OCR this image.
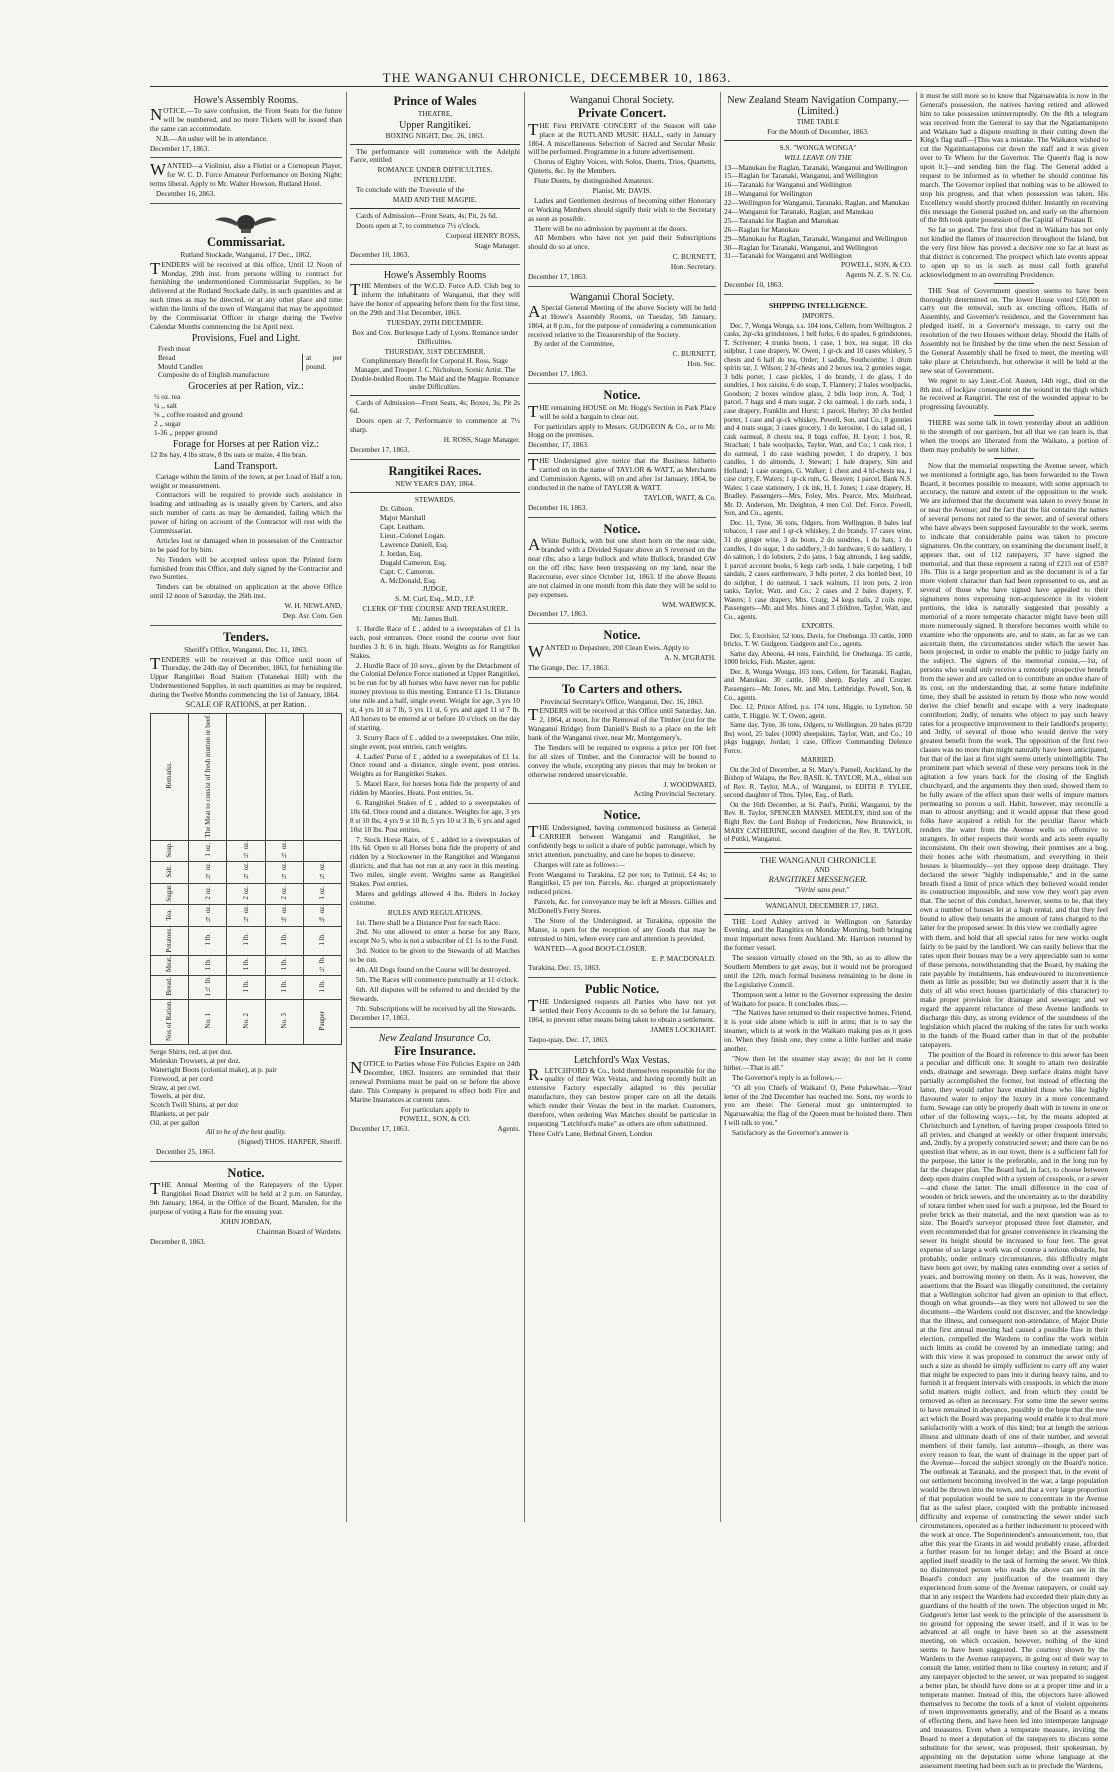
THE WANGANUI CHRONICLE, DECEMBER 10, 1863.
Howe's Assembly Rooms.

NOTICE.—To save confusion, the Front Seats for the future will be numbered, and no more Tickets will be issued than the same can accommodate.

N.B.—An usher will be in attendance.

December 17, 1863.

WANTED—a Violinist, also a Flutist or a Cornopean Player, for W. C. D. Force Amateur Performance on Boxing Night; terms liberal. Apply to Mr. Walter Howson, Rutland Hotel.

December 16, 2863.

Commissariat.

Rutland Stockade, Wanganui, 17 Dec., 1862.

TENDERS will be received at this office, Until 12 Noon of Monday, 29th inst. from persons willing to contract for furnishing the undermentioned Commissariat Supplies, to be delivered at the Rutland Stockade daily, in such quantities and at such times as may be directed, or at any other place and time within the limits of the town of Wanganui that may be appointed by the Commissariat Officer in charge during the Twelve Calendar Months commencing the 1st April next.

Provisions, Fuel and Light.
Fresh meat
Bread
Mould Candles
Composite do of English manufacture
at per pound.
Groceries at per Ration, viz.:
½ oz. tea
¼ ,, salt
⅛ ,, coffee roasted and ground
2 ,, sugar
1-36 ,, pepper ground
Forage for Horses at per Ration viz.:

12 lbs hay, 4 lbs straw, 8 lbs oats or maize, 4 lbs bran.

Land Transport.

Cartage within the limits of the town, at per Load of Half a ton, weight or measurement.

Contractors will be required to provide such assistance in loading and unloading as is usually given by Carters, and also such number of carts as may be demanded, failing which the power of hiring on account of the Contractor will rest with the Commissariat.

Articles lost or damaged when in possession of the Contractor to be paid for by him.

No Tenders will be accepted unless upon the Printed form furnished from this Office, and duly signed by the Contractor and two Sureties.

Tenders can be obtained on application at the above Office until 12 noon of Saturday, the 26th inst.

W. H. NEWLAND,

Dep. Asr. Com. Gen

Tenders.

Sheriff's Office, Wanganui, Dec. 11, 1863.

TENDERS will be received at this Office until noon of Thursday, the 24th day of December, 1863, for furnishing the Upper Rangitikei Road Station (Tutanekai Hill) with the Undermentioned Supplies, in such quantities as may be required, during the Twelve Months commencing the 1st of January, 1864.

SCALE OF RATIONS, at per Ration.
Remarks.	The Meat to consist of fresh mutton or beef.			
Soap.	1 oz.	½ oz.	½ oz.	
Salt.	¼ oz.	¼ oz.	¼ oz.	¼ oz.
Sugar.	2 oz.	2 oz.	2 oz.	1 oz.
Tea.	¼ oz.	¼ oz.	⅛ oz.	⅛ oz.
Potatoes.	1 lb.	1 lb.	1 lb.	1 lb.
Meat.	1 lb.	1 lb.	1 lb.	½ lb.
Bread.	1½ lb.	1 lb.	1 lb.	1 lb.
Nos of Ration.	No. 1	No. 2	No. 3	Pauper
Serge Shirts, red, at per doz.
Moleskin Trowsers, at per doz.
Watertight Boots (colonial make), at p. pair
Firewood, at per cord
Straw, at per cwt.
Towels, at per doz.
Scotch Twill Shirts, at per doz
Blankets, at per pair
Oil, at per gallon

All to be of the best quality.

(Signed) THOS. HARPER, Sheriff.

December 25, 1863.

Notice.

THE Annual Meeting of the Ratepayers of the Upper Rangitikei Road District will be held at 2 p.m. on Saturday, 9th January, 1864, in the Office of the Board, Marsden, for the purpose of voting a Rate for the ensuing year.

JOHN JORDAN,

Chairman Board of Wardens.

December 8, 1863.

Prince of Wales
THEATRE,
Upper Rangitikei.

BOXING NIGHT, Dec. 26, 1863.

The performance will commence with the Adelphi Farce, entitled

ROMANCE UNDER DIFFICULTIES.

INTERLUDE.

To conclude with the Travestie of the

MAID AND THE MAGPIE.

Cards of Admission—Front Seats, 4s; Pit, 2s 6d.

Doors open at 7, to commence 7½ o'clock.

Corporal HENRY ROSS,

Stage Manager.

December 10, 1863.

Howe's Assembly Rooms

THE Members of the W.C.D. Force A.D. Club beg to inform the inhabitants of Wanganui, that they will have the honor of appearing before them for the first time, on the 29th and 31st December, 1863.

TUESDAY, 29TH DECEMBER.

Box and Cox. Burlesque Lady of Lyons. Romance under Difficulties.

THURSDAY, 31ST DECEMBER.

Complimentary Benefit for Corporal H. Ross, Stage Manager, and Trooper J. C. Nicholson, Scenic Artist. The Double-bedded Room. The Maid and the Magpie. Romance under Difficulties.

Cards of Admission—Front Seats, 4s; Boxes, 3s; Pit 2s 6d.

Doors open at 7, Performance to commence at 7½ sharp.

H. ROSS, Stage Manager.

December 17, 1863.

Rangitikei Races.

NEW YEAR'S DAY, 1864.

STEWARDS.

Dr. Gibson.
Major Marshall
Capt. Leatham.
Lieut.-Colonel Logan.
Lawrence Daniell, Esq.
J. Jordan, Esq.
Dugald Cameron, Esq.
Capt. C. Cameron.
A. McDonald, Esq.

JUDGE.

S. M. Curl, Esq., M.D., J.P.

CLERK OF THE COURSE AND TREASURER.

Mr. James Bull.

1. Hurdle Race of £ , added to a sweepstakes of £1 1s each, post entrances. Once round the course over four hurdles 3 ft. 6 in. high. Heats. Weights as for Rangitikei Stakes.

2. Hurdle Race of 10 sovs., given by the Detachment of the Colonial Defence Force stationed at Upper Rangitikei, to be run for by all horses who have never run for public money previous to this meeting. Entrance £1 1s. Distance one mile and a half, single event. Weight for age, 3 yrs 10 st, 4 yrs 10 st 7 lb, 5 yrs 11 st, 6 yrs and aged 11 st 7 lb. All horses to be entered at or before 10 o'clock on the day of starting.

3. Scurry Race of £ , added to a sweepstakes. One mile, single event, post entries, catch weights.

4. Ladies' Purse of £ , added to a sweepstakes of £1 1s. Once round and a distance, single event, post entries. Weights as for Rangitikei Stakes.

5. Maori Race, for horses bona fide the property of and ridden by Maories. Heats. Post entries, 5s.

6. Rangitikei Stakes of £ , added to a sweepstakes of 10s 6d. Once round and a distance. Weights for age, 3 yrs 8 st 10 lbs, 4 yrs 9 st 10 lb, 5 yrs 10 st 3 lb, 6 yrs and aged 10st 10 lbs. Post entries.

7. Stock Horse Race, of £ , added to a sweepstakes of 10s 6d. Open to all Horses bona fide the property of and ridden by a Stockowner in the Rangitikei and Wanganui districts, and that has not run at any race in this meeting. Two miles, single event. Weights same as Rangitikei Stakes. Post entries.

Mares and geldings allowed 4 lbs. Riders in Jockey costume.

RULES AND REGULATIONS.

1st. There shall be a Distance Post for each Race.

2nd. No one allowed to enter a horse for any Race, except No 5, who is not a subscriber of £1 1s to the Fund.

3rd. Notice to be given to the Stewards of all Matches to be run.

4th. All Dogs found on the Course will be destroyed.

5th. The Races will commence punctually at 11 o'clock.

6th. All disputes will be referred to and decided by the Stewards.

7th. Subscriptions will be received by all the Stewards.

December 17, 1863.

New Zealand Insurance Co.
Fire Insurance.

NOTICE to Parties whose Fire Policies Expire on 24th December, 1863. Insurers are reminded that their renewal Premiums must be paid on or before the above date. This Company is prepared to effect both Fire and Marine Insurances at current rates.

For particulars apply to

POWELL, SON, & CO.

December 17, 1863.	Agents.
Wanganui Choral Society.
Private Concert.

THE First PRIVATE CONCERT of the Season will take place at the RUTLAND MUSIC HALL, early in January 1864. A miscellaneous Selection of Sacred and Secular Music will be performed. Programme in a future advertisement.

Chorus of Eighty Voices, with Solos, Duetts, Trios, Quartetts, Qintetts, &c. by the Members.

Flute Duetts, by distinguished Amateurs.

Pianist, Mr. DAVIS.

Ladies and Gentlemen desirous of becoming either Honorary or Working Members should signify their wish to the Secretary as soon as possible.

There will be no admission by payment at the doors.

All Members who have not yet paid their Subscriptions should do so at once.

C. BURNETT,

Hon. Secretary.

December 17, 1863.

Wanganui Choral Society.

ASpecial General Meeting of the above Society will be held at Howe's Assembly Rooms, on Tuesday, 5th January, 1864, at 8 p.m., for the purpose of considering a communication received relative to the Treasurership of the Society.

By order of the Committee,

C. BURNETT,

Hon. Sec.

December 17, 1863.

Notice.

THE remaining HOUSE on Mr. Hogg's Section in Park Place will be sold a bargain to clear out.

For particulars apply to Messrs. GUDGEON & Co., or to Mr. Hogg on the premises.

December, 17, 1863.

THE Undersigned give notice that the Business hitherto carried on in the name of TAYLOR & WATT, as Merchants and Commission Agents, will on and after 1st January, 1864, be conducted in the name of TAYLOR & WATT.

TAYLOR, WATT, & Co.

December 16, 1863.

Notice.

AWhite Bullock, with but one short horn on the near side, branded with a Divided Square above an S reversed on the near ribs; also a large bullock and white Bullock, branded GW on the off ribs; have been trespassing on my land, near the Racecourse, ever since October 1st, 1863. If the above Beasts are not claimed in one month from this date they will be sold to pay expenses.

WM. WARWICK.

December 17, 1863.

Notice.

WANTED to Depasture, 200 Clean Ewes. Apply to

A. N. M'GRATH.

The Grange, Dec. 17, 1863.

To Carters and others.

Provincial Secretary's Office, Wanganui, Dec. 16, 1863.

TENDERS will be received at this Office until Saturday, Jan. 2, 1864, at noon, for the Removal of the Timber (cut for the Wanganui Bridge) from Daniell's Bush to a place on the left bank of the Wanganui river, near Mr. Montgomery's.

The Tenders will be required to express a price per 100 feet for all sizes of Timber, and the Contractor will be bound to convey the whole, excepting any pieces that may be broken or otherwise rendered unserviceable.

J. WOODWARD,

Acting Provincial Secretary.

Notice.

THE Undersigned, having commenced business as General CARRIER between Wanganui and Rangitikei, he confidently begs to solicit a share of public patronage, which by strict attention, punctuality, and care he hopes to deserve.

Charges will rate as follows:—

From Wanganui to Turakina, £2 per ton; to Tutinui, £4 4s; to Rangitikei, £5 per ton. Parcels, &c. charged at proportionately reduced prices.

Parcels, &c. for conveyance may be left at Messrs. Gillies and McDonell's Ferry Stores.

The Store of the Undersigned, at Turakina, opposite the Manse, is open for the reception of any Goods that may be entrusted to him, where every care and attention is provided.

WANTED—A good BOOT-CLOSER.

E. P. MACDONALD.

Turakina, Dec. 15, 1863.

Public Notice.

THE Undersigned requests all Parties who have not yet settled their Ferry Accounts to do so before the 1st January, 1864, to prevent other means being taken to obtain a settlement.

JAMES LOCKHART.

Taupo-quay, Dec. 17, 1863.

Letchford's Wax Vestas.

R.LETCHFORD & Co., hold themselves responsible for the quality of their Wax Vestas, and having recently built an extensive Factory especially adapted to this peculiar manufacture, they can bestow proper care on all the details which render their Vestas the best in the market. Customers, therefore, when ordering Wax Matches should be particular in requesting "Letchford's make" as others are often substituted.

Three Colt's Lane, Bethnal Green, London

New Zealand Steam Navigation Company.—(Limited.)

TIME TABLE

For the Month of December, 1863.

S.S. "WONGA WONGA"

WILL LEAVE ON THE

13—Manukau for Raglan, Taranaki, Wanganui and Wellington
15—Raglan for Taranaki, Wanganui, and Wellington
16—Taranaki for Wanganui and Wellington
18—Wanganui for Wellington
22—Wellington for Wanganui, Taranaki, Raglan, and Manukau
24—Wanganui for Taranaki, Raglan, and Manukau
25—Taranaki for Raglan and Manukau
26—Raglan for Manukau
29—Manukau for Raglan, Taranaki, Wanganui and Wellington
30—Raglan for Taranaki, Wanganui, and Wellington
31—Taranaki for Wanganui and Wellington

POWELL, SON, & CO.

Agents N. Z. S. N. Co.

December 10, 1863.

SHIPPING INTELLIGENCE.

IMPORTS.

Dec. 7, Wonga Wonga, s.s. 104 tons, Cellem, from Wellington. 2 casks, 2qr-cks grindstones, 1 bell forks, 6 do spades, 6 grindstones, T. Scrivener; 4 trunks boots, 1 case, 1 box, tea sugar, 10 cks sulphur, 1 case drapery, W. Owen; 1 qr-ck and 10 cases whiskey, 5 chests and 6 half do tea, Order; 1 saddle, Southcombe; 1 drum spirits tar, J. Wilson; 2 hf-chests and 2 boxes tea, 2 gunnies sugar, 3 bdls porter, 1 case pickles, 1 do brandy, 1 do glass, 1 do sundries, 1 box raisins, 6 do soap, T. Flannery; 2 bales woolpacks, Goodson; 2 boxes window glass, 2 bdls loop iron, A. Tod; 1 parcel, 7 bags and 4 mats sugar, 2 cks oatmeal, 1 do carb. soda, 1 case drapery, Franklin and Hurst; 1 parcel, Hurley; 30 cks bottled porter, 1 case and qr-ck whiskey, Powell, Son, and Co.; 8 gunnies and 4 mats sugar, 3 cases grocery, 1 do kerosine, 1 do salad oil, 1 cask oatmeal, 8 chests tea, 8 bags coffee, H. Lyon; 1 box, R. Strachan; 1 bale woolpacks, Taylor, Watt, and Co.; 1 cask rice, 1 do oatmeal, 1 do case washing powder, 1 do drapery, 1 box candles, 1 do almonds, J. Stewart; 1 bale drapery, Sim and Holland; 1 case oranges, G. Walker; 1 chest and 4 hf-chests tea, 1 case curry, F. Waters; 1 qr-ck rum, G. Beaven; 1 parcel, Bank N.S. Wales; 1 case stationery, 1 ck ink, H. I. Jones; 1 case drapery, H. Bradley. Passengers—Mrs. Foley, Mrs. Pearce, Mrs. Muirhead, Mr. D. Anderson, Mr. Deighton, 4 men Col. Def. Force. Powell, Son, and Co., agents.

Dec. 11, Tyne, 36 tons, Odgers, from Wellington. 8 bales leaf tobacco, 1 case and 1 qr-ck whiskey, 2 do brandy, 17 cases wine, 31 do ginger wine, 3 do boots, 2 do sundries, 1 do hats, 1 do candles, 1 do sugar, 1 do saddlery, 3 do hardware, 6 do saddlery, 1 do salmon, 1 do lobsters, 2 do jams, 1 bag almonds, 1 keg saddle, 1 parcel account books, 6 kegs carb soda, 1 bale carpeting, 1 bdl sandals, 2 cases earthenware, 3 bdls porter, 2 cks bottled beer, 10 do sulphur, 1 do oatmeal, 1 sack walnuts, 11 iron pots, 2 iron tanks, Taylor, Watt, and Co.; 2 cases and 2 bales drapery, F. Waters; 1 case drapery, Mrs. Craig; 24 kegs nails, 2 coils rope, Passengers—Mr. and Mrs. Jones and 3 children, Taylor, Watt, and Co., agents.

EXPORTS.

Dec. 5, Excelsior, 52 tons, Davis, for Onehunga. 33 cattle, 1000 bricks, T. W. Gudgeon. Gudgeon and Co., agents.

Same day, Abeona, 44 tons, Fairchild, for Onehunga. 35 cattle, 1000 bricks, Fish. Master, agent.

Dec. 8, Wonga Wonga, 103 tons, Cellem, for Taranaki, Raglan, and Manukau. 30 cattle, 180 sheep, Bayley and Crozier. Passengers—Mr. Jones, Mr. and Mrs. Lethbridge. Powell, Son, & Co., agents.

Dec. 12, Prince Alfred, p.s. 174 tons, Higgie, to Lyttelton. 50 cattle, T. Higgie. W. T. Owen, agent.

Same day, Tyne, 36 tons, Odgers, to Wellington. 20 bales (6720 lbs) wool, 25 bales (1000) sheepskins, Taylor, Watt, and Co.; 10 pkgs luggage, Jordan; 1 case, Officer Commanding Defence Force.

MARRIED.

On the 3rd of December, at St. Mary's, Parnell, Auckland, by the Bishop of Waiapu, the Rev. BASIL K. TAYLOR, M.A., eldest son of Rev. R. Taylor, M.A., of Wanganui, to EDITH P. TYLEE, second daughter of Thos. Tylee, Esq., of Bath.

On the 16th December, at St. Paul's, Putiki, Wanganui, by the Rev. R. Taylor, SPENCER MANSEL MEDLEY, third son of the Right Rev. the Lord Bishop of Fredericton, New Brunswick, to MARY CATHERINE, second daughter of the Rev. R. TAYLOR, of Putiki, Wanganui.

THE WANGANUI CHRONICLE

AND

RANGITIKEI MESSENGER.

"Vérité sans peur."

WANGANUI, DECEMBER 17, 1863.

THE Lord Ashley arrived in Wellington on Saturday Evening, and the Rangitira on Monday Morning, both bringing most important news from Auckland. Mr. Harrison returned by the former vessel.

The session virtually closed on the 9th, so as to allow the Southern Members to get away, but it would not be prorogued until the 12th, much formal business remaining to be done in the Legislative Council.

Thompson sent a letter to the Governor expressing the desire of Waikato for peace. It concludes thus,—

"The Natives have returned to their respective homes, Friend, it is your side alone which is still in arms; that is to say the steamer, which is at work in the Waikato making pas as it goes on. When they finish one, they come a little further and make another.

"Now then let the steamer stay away; do not let it come hither.—That is all."

The Governor's reply is as follows,—

"O all you Chiefs of Waikato! O, Pene Pukewhau.—Your letter of the 2nd December has reached me. Sons, my words to you are these: The General must go uninterrupted to Ngaruawahia; the flag of the Queen must be hoisted there. Then I will talk to you."

Satisfactory as the Governor's answer is

it must be still more so to know that Ngaruawahia is now in the General's possession, the natives having retired and allowed him to take possession uninterruptedly. On the 8th a telegram was received from the General to say that the Ngatiamanipoto and Waikato had a dispute resulting in their cutting down the King's flag staff—[This was a mistake. The Waikatos wished to cut the Ngatimaniapotos cut down the staff and it was given over to Te Whero for the Governor. The Queen's flag is now upon it.]—and sending him the flag. The General added a request to be informed as to whether he should continue his march. The Governor replied that nothing was to be allowed to stop his progress, and that when possession was taken, His Excellency would shortly proceed thither. Instantly on receiving this message the General pushed on, and early on the afternoon of the 8th took quite possession of the Capital of Potatau II.

So far so good. The first shot fired in Waikato has not only not kindled the flames of insurrection throughout the Island, but the very first blow has proved a decisive one so far at least as that district is concerned. The prospect which late events appear to open up to us is such as must call forth grateful acknowledgment to an overruling Providence.

THE Seat of Government question seems to have been thoroughly determined on. The lower House voted £50,000 to carry out the removal, such as erecting offices, Halls of Assembly, and Governor's residence, and the Government has pledged itself, in a Governor's message, to carry out the resolution of the two Houses without delay. Should the Halls of Assembly not be finished by the time when the next Session of the General Assembly shall be fixed to meet, the meeting will take place at Christchurch, but otherwise it will be held at the new seat of Government.

We regret to say Lieut.-Col. Austen, 14th regt., died on the 8th inst. of lockjaw consequent on the wound in the thigh which he received at Rangiriri. The rest of the wounded appear to be progressing favourably.

THERE was some talk in town yesterday about an addition to the strength of our garrison, but all that we can learn is, that when the troops are liberated from the Waikato, a portion of them may probably be sent hither.

Now that the memorial respecting the Avenue sewer, which we mentioned a fortnight ago, has been forwarded to the Town Board, it becomes possible to measure, with some approach to accuracy, the nature and extent of the opposition to the work. We are informed that the document was taken to every house in or near the Avenue; and the fact that the list contains the names of several persons not rated to the sewer, and of several others who have always been supposed favourable to the work, seems to indicate that considerable pains was taken to procure signatures. On the contrary, on examining the document itself, it appears that, out of 112 ratepayers, 37 have signed the memorial, and that these represent a rating of £215 out of £597 10s. This is a large proportion and as the document is of a far more violent character than had been represented to us, and as several of those who have signed have appealed to their signatures notes expressing non-acquiescence in its violent portions, the idea is naturally suggested that possibly a memorial of a more temperate character might have been still more numerously signed. It therefore becomes worth while to examine who the opponents are, and to state, as far as we can ascertain them, the circumstances under which the sewer has been projected, in order to enable the public to judge fairly on the subject. The signers of the memorial consist,—1st, of persons who would only receive a remotely prospective benefit from the sewer and are called on to contribute an undue share of its cost, on the understanding that, at some future indefinite time, they shall be assisted in return by those who now would derive the chief benefit and escape with a very inadequate contribution; 2ndly, of tenants who object to pay such heavy rates for a prospective improvement to their landlord's property; and 3rdly, of several of those who would derive the very greatest benefit from the work. The opposition of the first two classes was no more than might naturally have been anticipated, but that of the last at first sight seems utterly unintelligible. The prominent part which several of these very persons took in the agitation a few years back for the closing of the English churchyard, and the arguments they then used, showed them to be fully aware of the effect upon their wells of impure matters permeating so porous a soil. Habit, however, may reconcile a man to almost anything; and it would appear that these good folks have acquired a relish for the peculiar flavor which renders the water from the Avenue wells so offensive to strangers. In other respects their words and acts seem equally inconsistent. On their own showing, their premises are a bog, their bones ache with rheumatism, and everything in their houses is bluemouldy—yet they oppose deep drainage. They declared the sewer "highly indispensable," and in the same breath fixed a limit of price which they believed would render its construction impossible, and now vow they won't pay even that. The secret of this conduct, however, seems to be, that they own a number of houses let at a high rental, and that they feel bound to allow their tenants the amount of rates charged to the latter for the proposed sewer. In this view we cordially agree

with them, and hold that all special rates for new works ought fairly to be paid by the landlord. We can easily believe that the rates upon their houses may be a very appreciable sum to some of these persons, notwithstanding that the Board, by making the rate payable by instalments, has endeavoured to inconvenience them as little as possible; but we distinctly assert that it is the duty of all who erect houses (particularly of this character) to make proper provision for drainage and sewerage; and we regard the apparent reluctance of these Avenue landlords to discharge this duty, as strong evidence of the soundness of the legislation which placed the making of the rates for such works in the hands of the Board rather than in that of the probable ratepayers.

The position of the Board in reference to this sewer has been a peculiar and difficult one. It sought to attain two desirable ends, drainage and sewerage. Deep surface drains might have partially accomplished the former, but instead of effecting the latter, they would rather have enabled those who like highly flavoured water to enjoy the luxury in a more concentrated form. Sewage can only be properly dealt with in towns in one or other of the following ways,—1st, by the means adopted at Christchurch and Lyttelton, of having proper cesspools fitted to all privies, and changed at weekly or other frequent intervals; and, 2ndly, by a properly constructed sewer; and there can be no question that where, as in our town, there is a sufficient fall for the purpose, the latter is the preferable, and in the long run by far the cheaper plan. The Board had, in fact, to choose between deep open drains coupled with a system of cesspools, or a sewer—and chose the latter. The small difference in the cost of wooden or brick sewers, and the uncertainty as to the durability of totara timber when used for such a purpose, led the Board to prefer brick as their material, and the next question was as to size. The Board's surveyor proposed three feet diameter, and even recommended that for greater convenience in cleansing the sewer its height should be increased to four feet. The great expense of so large a work was of course a serious obstacle, but probably, under ordinary circumstances, this difficulty might have been got over, by making rates extending over a series of years, and borrowing money on them. As it was, however, the assertions that the Board was illegally constituted, the certainty that a Wellington solicitor had given an opinion to that effect, though on what grounds—as they were not allowed to see the document—the Wardens could not discover, and the knowledge that the illness, and consequent non-attendance, of Major Durie at the first annual meeting had caused a possible flaw in their election, compelled the Wardens to confine the work within such limits as could be covered by an immediate rating; and with this view it was proposed to construct the sewer only of such a size as should be simply sufficient to carry off any water that might be expected to pass into it during heavy rains, and to furnish it at frequent intervals with cesspools, in which the more solid matters might collect, and from which they could be removed as often as necessary. For some time the sewer seems to have remained in abeyance, possibly in the hope that the new act which the Board was preparing would enable it to deal more satisfactorily with a work of this kind; but at length the serious illness and ultimate death of one of their number, and several members of their family, last autumn—though, as there was every reason to fear, the want of drainage in the upper part of the Avenue—forced the subject strongly on the Board's notice. The outbreak at Taranaki, and the prospect that, in the event of our settlement becoming involved in the war, a large population would be thrown into the town, and that a very large proportion of that population would be sure to concentrate in the Avenue flat as the safest place, coupled with the probable increased difficulty and expense of constructing the sewer under such circumstances, operated as a further inducement to proceed with the work at once. The Superintendent's announcement, too, that after this year the Grants in aid would probably cease, afforded a further reason for no longer delay; and the Board at once applied itself steadily to the task of forming the sewer. We think no disinterested person who reads the above can see in the Board's conduct any justification of the treatment they experienced from some of the Avenue ratepayers, or could say that in any respect the Wardens had exceeded their plain duty as guardians of the health of the town. The objection urged in Mr. Gudgeon's letter last week to the principle of the assessment is no ground for opposing the sewer itself, and if it was to be advanced at all ought to have been so at the assessment meeting, on which occasion, however, nothing of the kind seems to have been suggested. The courtesy shown by the Wardens to the Avenue ratepayers, in going out of their way to consult the latter, entitled them to like courtesy in return; and if any ratepayer objected to the sewer, or was prepared to suggest a better plan, he should have done so at a proper time and in a temperate manner. Instead of this, the objectors have allowed themselves to become the tools of a knot of violent opponents of town improvements generally, and of the Board as a means of effecting them, and have been led into intemperate language and measures. Even when a temperate measure, inviting the Board to meet a deputation of the ratepayers to discuss some substitute for the sewer, was proposed, their spokesman, by appointing on the deputation some whose language at the assessment meeting had been such as to preclude the Wardens,
